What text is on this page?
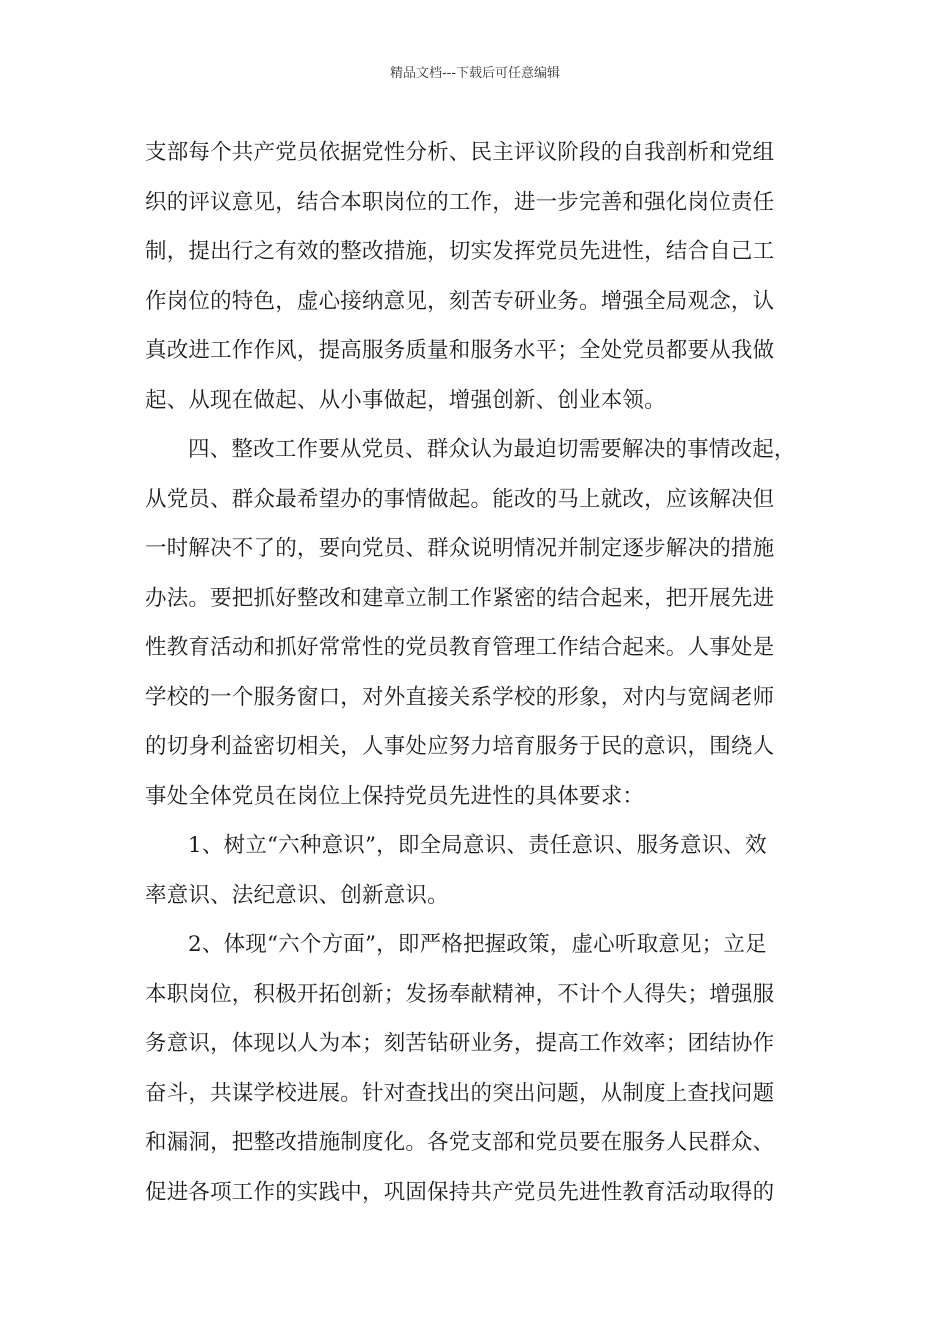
精品文档---下载后可任意编辑

支部每个共产党员依据党性分析、民主评议阶段的自我剖析和党组
织的评议意见，结合本职岗位的工作，进一步完善和强化岗位责任
制，提出行之有效的整改措施，切实发挥党员先进性，结合自己工
作岗位的特色，虚心接纳意见，刻苦专研业务。增强全局观念，认
真改进工作作风，提高服务质量和服务水平；全处党员都要从我做
起、从现在做起、从小事做起，增强创新、创业本领。

四、整改工作要从党员、群众认为最迫切需要解决的事情改起，
从党员、群众最希望办的事情做起。能改的马上就改，应该解决但
一时解决不了的，要向党员、群众说明情况并制定逐步解决的措施
办法。要把抓好整改和建章立制工作紧密的结合起来，把开展先进
性教育活动和抓好常常性的党员教育管理工作结合起来。人事处是
学校的一个服务窗口，对外直接关系学校的形象，对内与宽阔老师
的切身利益密切相关，人事处应努力培育服务于民的意识，围绕人
事处全体党员在岗位上保持党员先进性的具体要求：

1、树立“六种意识”，即全局意识、责任意识、服务意识、效
率意识、法纪意识、创新意识。

2、体现“六个方面”，即严格把握政策，虚心听取意见；立足
本职岗位，积极开拓创新；发扬奉献精神，不计个人得失；增强服
务意识，体现以人为本；刻苦钻研业务，提高工作效率；团结协作
奋斗，共谋学校进展。针对查找出的突出问题，从制度上查找问题
和漏洞，把整改措施制度化。各党支部和党员要在服务人民群众、
促进各项工作的实践中，巩固保持共产党员先进性教育活动取得的
